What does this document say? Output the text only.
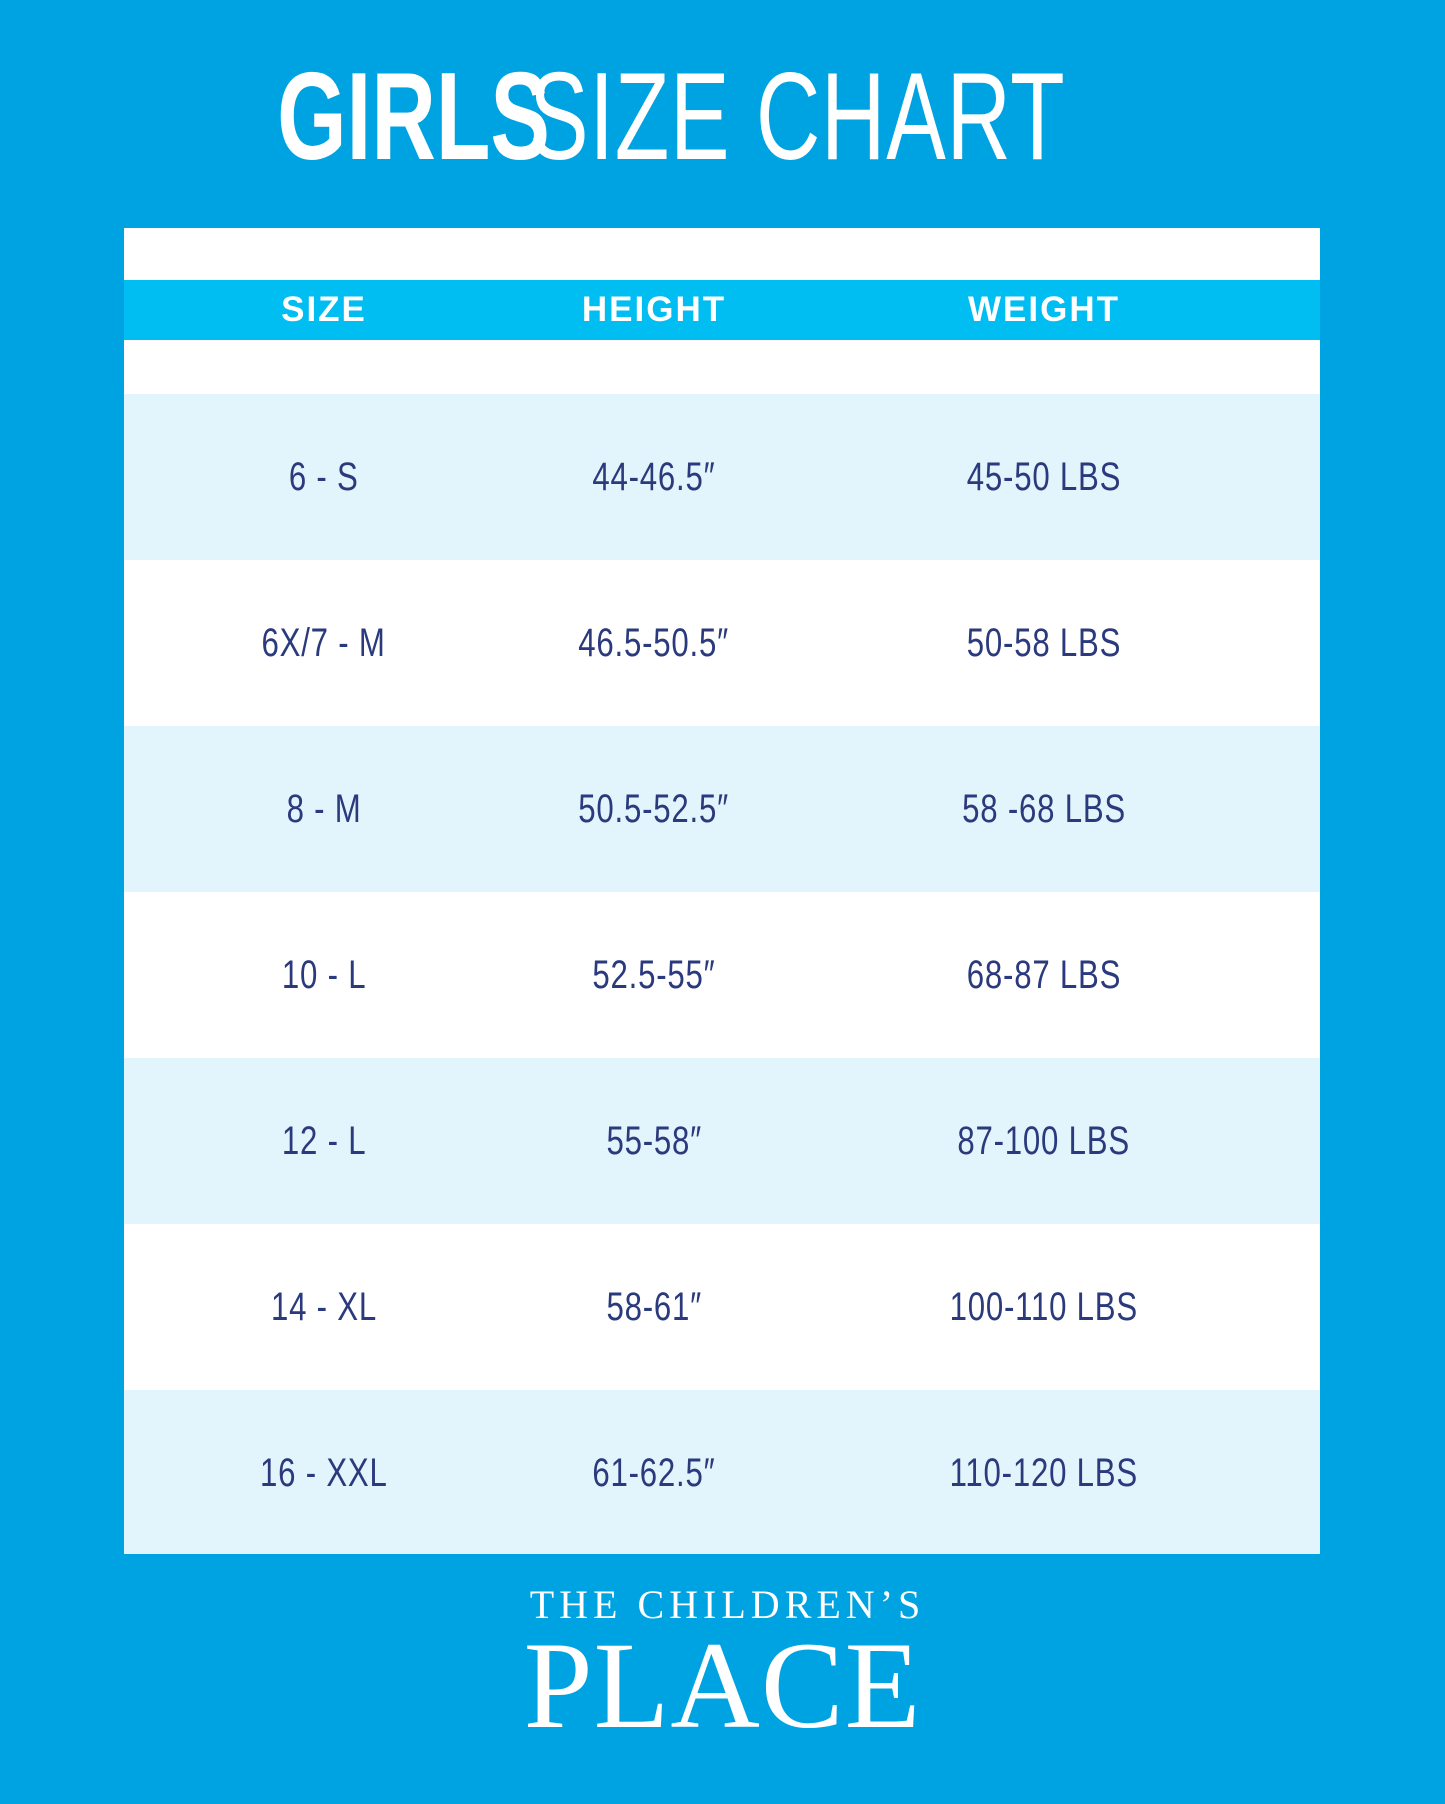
GIRLS SIZE CHART
SIZE	HEIGHT	WEIGHT
6 - S	44-46.5″	45-50 LBS
6X/7 - M	46.5-50.5″	50-58 LBS
8 - M	50.5-52.5″	58 -68 LBS
10 - L	52.5-55″	68-87 LBS
12 - L	55-58″	87-100 LBS
14 - XL	58-61″	100-110 LBS
16 - XXL	61-62.5″	110-120 LBS
THE CHILDREN’S
PLACE
